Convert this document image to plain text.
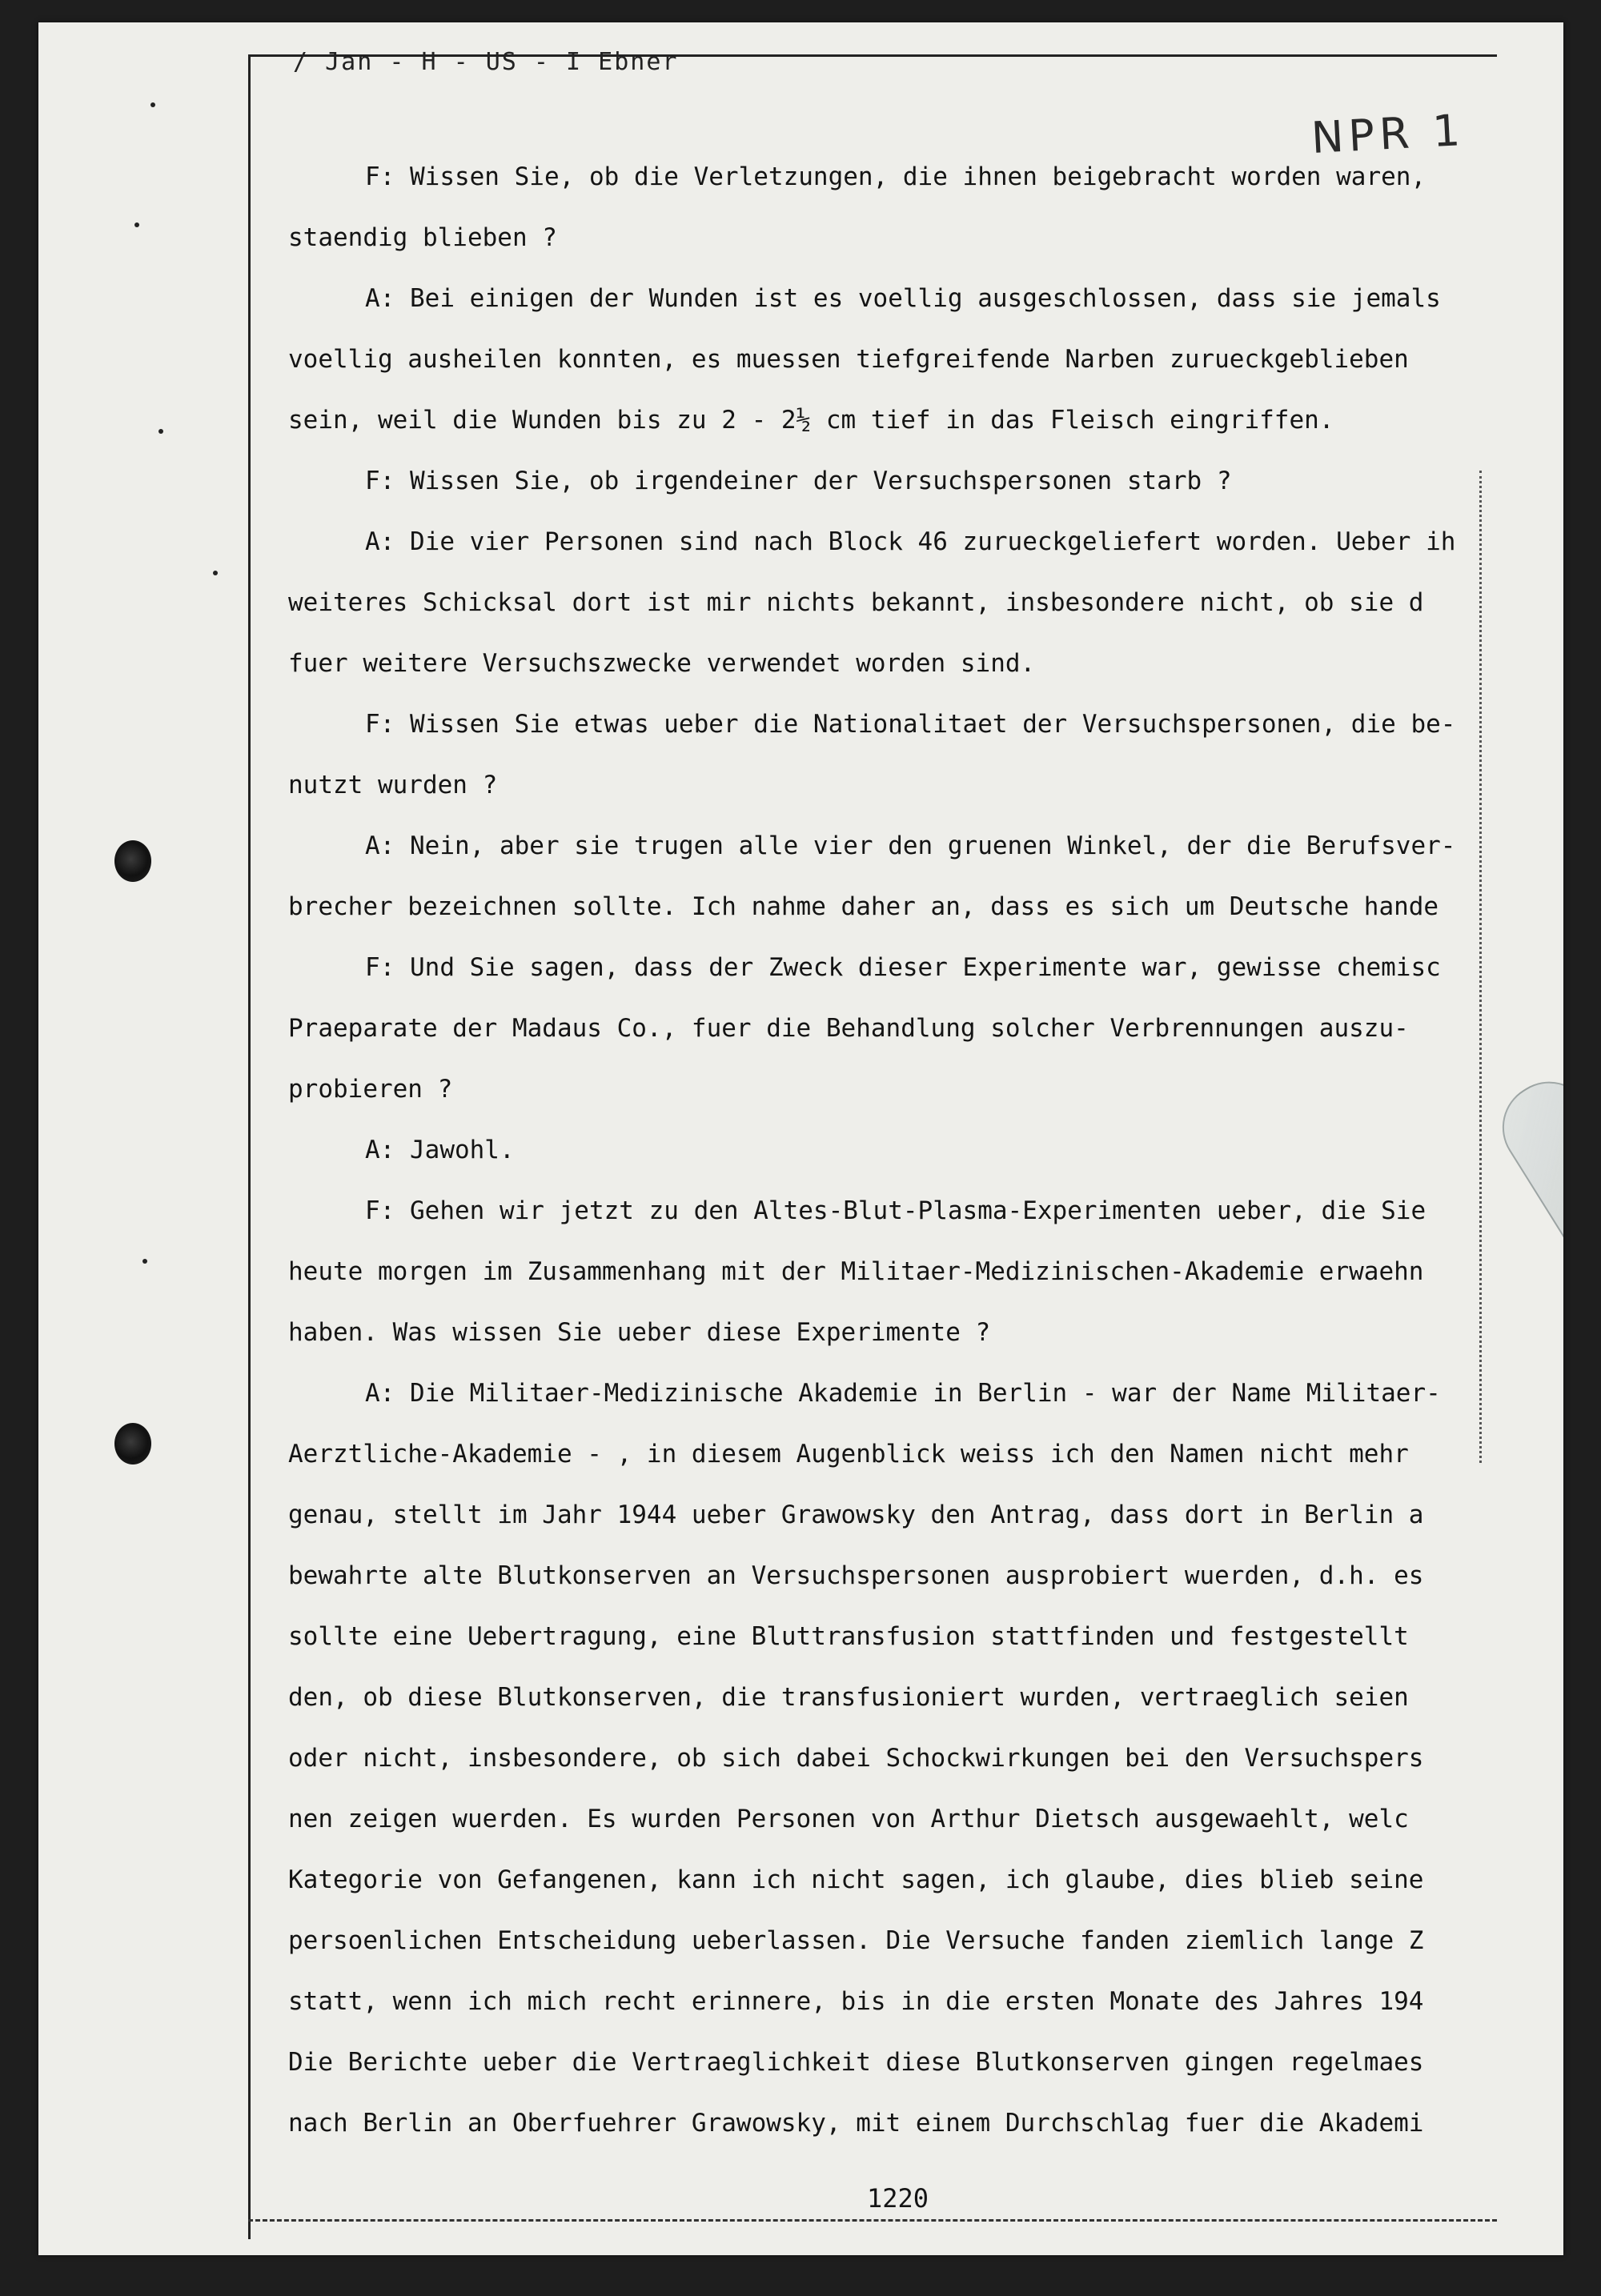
/ Jan - H - US - I Ebner
NPR 1
F: Wissen Sie, ob die Verletzungen, die ihnen beigebracht worden waren,
staendig blieben ?
A: Bei einigen der Wunden ist es voellig ausgeschlossen, dass sie jemals
voellig ausheilen konnten, es muessen tiefgreifende Narben zurueckgeblieben
sein, weil die Wunden bis zu 2 - 2½ cm tief in das Fleisch eingriffen.
F: Wissen Sie, ob irgendeiner der Versuchspersonen starb ?
A: Die vier Personen sind nach Block 46 zurueckgeliefert worden. Ueber ih
weiteres Schicksal dort ist mir nichts bekannt, insbesondere nicht, ob sie d
fuer weitere Versuchszwecke verwendet worden sind.
F: Wissen Sie etwas ueber die Nationalitaet der Versuchspersonen, die be-
nutzt wurden ?
A: Nein, aber sie trugen alle vier den gruenen Winkel, der die Berufsver-
brecher bezeichnen sollte. Ich nahme daher an, dass es sich um Deutsche hande
F: Und Sie sagen, dass der Zweck dieser Experimente war, gewisse chemisc
Praeparate der Madaus Co., fuer die Behandlung solcher Verbrennungen auszu-
probieren ?
A: Jawohl.
F: Gehen wir jetzt zu den Altes-Blut-Plasma-Experimenten ueber, die Sie
heute morgen im Zusammenhang mit der Militaer-Medizinischen-Akademie erwaehn
haben. Was wissen Sie ueber diese Experimente ?
A: Die Militaer-Medizinische Akademie in Berlin - war der Name Militaer-
Aerztliche-Akademie - , in diesem Augenblick weiss ich den Namen nicht mehr
genau, stellt im Jahr 1944 ueber Grawowsky den Antrag, dass dort in Berlin a
bewahrte alte Blutkonserven an Versuchspersonen ausprobiert wuerden, d.h. es
sollte eine Uebertragung, eine Bluttransfusion stattfinden und festgestellt
den, ob diese Blutkonserven, die transfusioniert wurden, vertraeglich seien
oder nicht, insbesondere, ob sich dabei Schockwirkungen bei den Versuchspers
nen zeigen wuerden. Es wurden Personen von Arthur Dietsch ausgewaehlt, welc
Kategorie von Gefangenen, kann ich nicht sagen, ich glaube, dies blieb seine
persoenlichen Entscheidung ueberlassen. Die Versuche fanden ziemlich lange Z
statt, wenn ich mich recht erinnere, bis in die ersten Monate des Jahres 194
Die Berichte ueber die Vertraeglichkeit diese Blutkonserven gingen regelmaes
nach Berlin an Oberfuehrer Grawowsky, mit einem Durchschlag fuer die Akademi
1220
